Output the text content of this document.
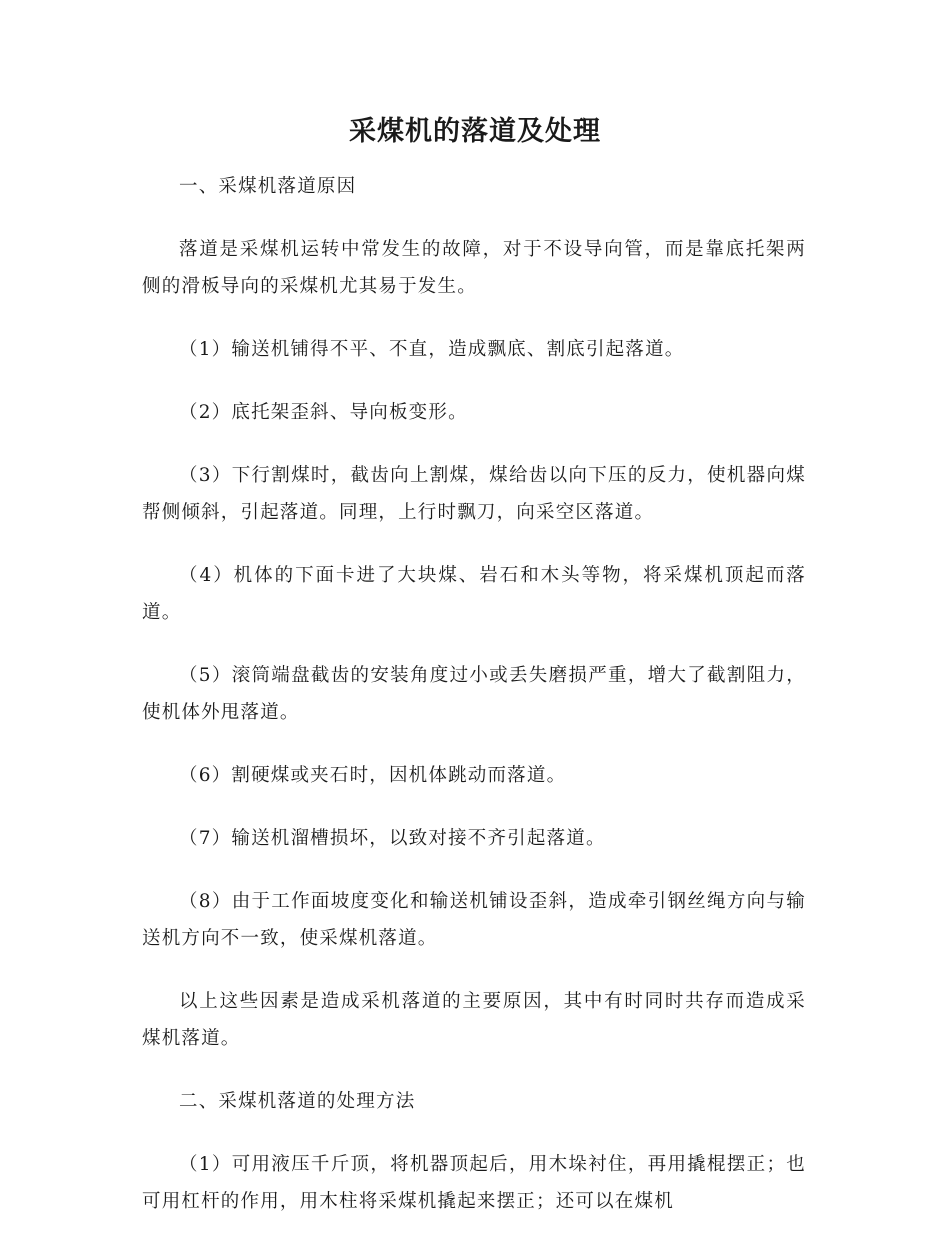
采煤机的落道及处理

一、采煤机落道原因

落道是采煤机运转中常发生的故障，对于不设导向管，而是靠底托架两侧的滑板导向的采煤机尤其易于发生。

（1）输送机铺得不平、不直，造成飘底、割底引起落道。

（2）底托架歪斜、导向板变形。

（3）下行割煤时，截齿向上割煤，煤给齿以向下压的反力，使机器向煤帮侧倾斜，引起落道。同理，上行时飘刀，向采空区落道。

（4）机体的下面卡进了大块煤、岩石和木头等物，将采煤机顶起而落道。

（5）滚筒端盘截齿的安装角度过小或丢失磨损严重，增大了截割阻力，使机体外甩落道。

（6）割硬煤或夹石时，因机体跳动而落道。

（7）输送机溜槽损坏，以致对接不齐引起落道。

（8）由于工作面坡度变化和输送机铺设歪斜，造成牵引钢丝绳方向与输送机方向不一致，使采煤机落道。

以上这些因素是造成采机落道的主要原因，其中有时同时共存而造成采煤机落道。

二、采煤机落道的处理方法

（1）可用液压千斤顶，将机器顶起后，用木垛衬住，再用撬棍摆正；也可用杠杆的作用，用木柱将采煤机撬起来摆正；还可以在煤机
